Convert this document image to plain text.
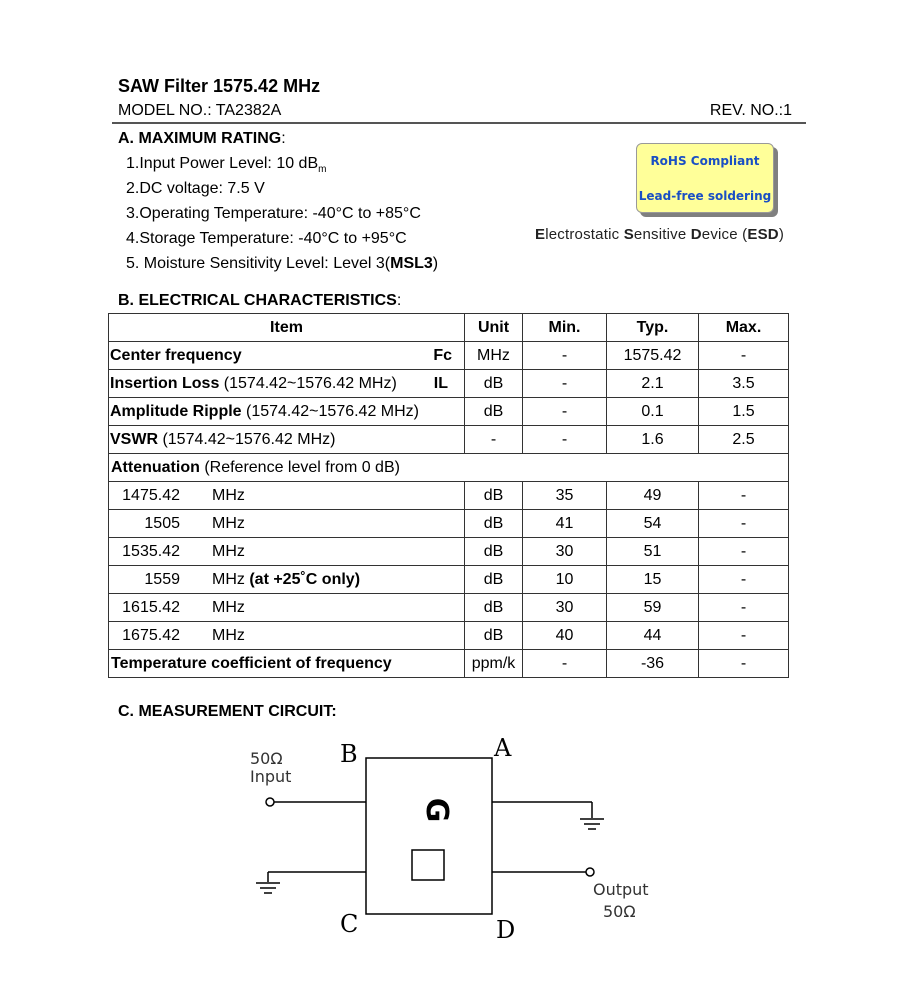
SAW Filter 1575.42 MHz
MODEL NO.: TA2382A	REV. NO.:1
A. MAXIMUM RATING:
1.Input Power Level: 10 $dB_m$
2.DC voltage: 7.5 V
3.Operating Temperature: -40°C to +85°C
4.Storage Temperature: -40°C to +95°C
5. Moisture Sensitivity Level: Level 3(MSL3)
RoHS Compliant
Lead-free soldering
Electrostatic Sensitive Device (ESD)
B. ELECTRICAL CHARACTERISTICS:
Item	Unit	Min.	Typ.	Max.
Center frequency Fc	MHz	-	1575.42	-
Insertion Loss (1574.42~1576.42 MHz) IL	dB	-	2.1	3.5
Amplitude Ripple (1574.42~1576.42 MHz)	dB	-	0.1	1.5
VSWR (1574.42~1576.42 MHz)	-	-	1.6	2.5
Attenuation (Reference level from 0 dB)				
1475.42 MHz	dB	35	49	-
1505 MHz	dB	41	54	-
1535.42 MHz	dB	30	51	-
1559 MHz (at +25˚C only)	dB	10	15	-
1615.42 MHz	dB	30	59	-
1675.42 MHz	dB	40	44	-
Temperature coefficient of frequency	ppm/k	-	-36	-
C. MEASUREMENT CIRCUIT:
G
B	A
C	D
50Ω
Input
Output
50Ω
